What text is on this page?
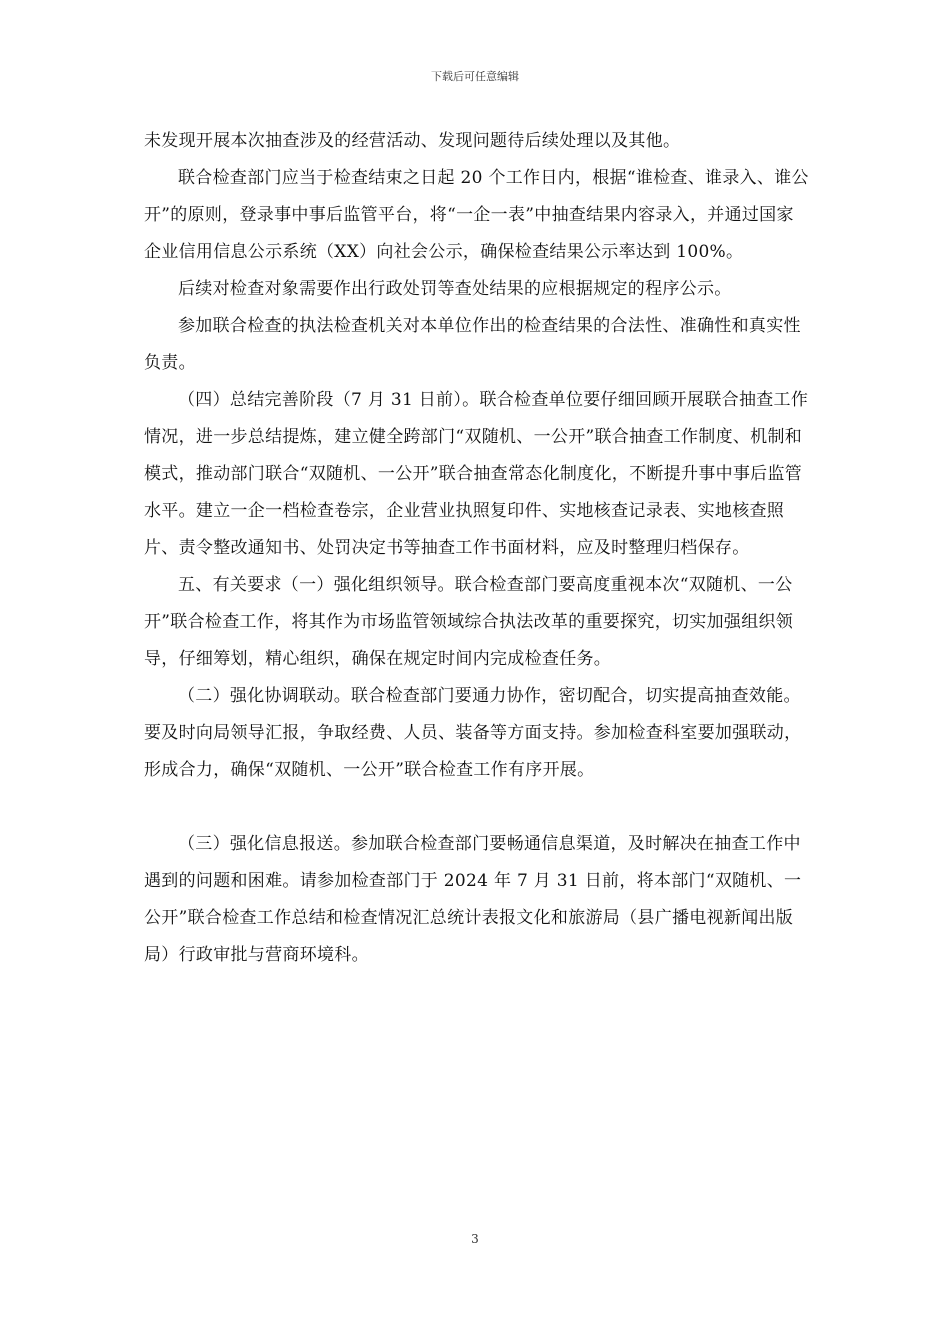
下载后可任意编辑

未发现开展本次抽查涉及的经营活动、发现问题待后续处理以及其他。

联合检查部门应当于检查结束之日起 20 个工作日内，根据“谁检查、谁录入、谁公开”的原则，登录事中事后监管平台，将“一企一表”中抽查结果内容录入，并通过国家企业信用信息公示系统（XX）向社会公示，确保检查结果公示率达到 100%。

后续对检查对象需要作出行政处罚等查处结果的应根据规定的程序公示。

参加联合检查的执法检查机关对本单位作出的检查结果的合法性、准确性和真实性负责。

（四）总结完善阶段（7 月 31 日前）。联合检查单位要仔细回顾开展联合抽查工作情况，进一步总结提炼，建立健全跨部门“双随机、一公开”联合抽查工作制度、机制和模式，推动部门联合“双随机、一公开”联合抽查常态化制度化，不断提升事中事后监管水平。建立一企一档检查卷宗，企业营业执照复印件、实地核查记录表、实地核查照片、责令整改通知书、处罚决定书等抽查工作书面材料，应及时整理归档保存。

五、有关要求（一）强化组织领导。联合检查部门要高度重视本次“双随机、一公开”联合检查工作，将其作为市场监管领域综合执法改革的重要探究，切实加强组织领导，仔细筹划，精心组织，确保在规定时间内完成检查任务。

（二）强化协调联动。联合检查部门要通力协作，密切配合，切实提高抽查效能。要及时向局领导汇报，争取经费、人员、装备等方面支持。参加检查科室要加强联动，形成合力，确保“双随机、一公开”联合检查工作有序开展。

（三）强化信息报送。参加联合检查部门要畅通信息渠道，及时解决在抽查工作中遇到的问题和困难。请参加检查部门于 2024 年 7 月 31 日前，将本部门“双随机、一公开”联合检查工作总结和检查情况汇总统计表报文化和旅游局（县广播电视新闻出版局）行政审批与营商环境科。

3
